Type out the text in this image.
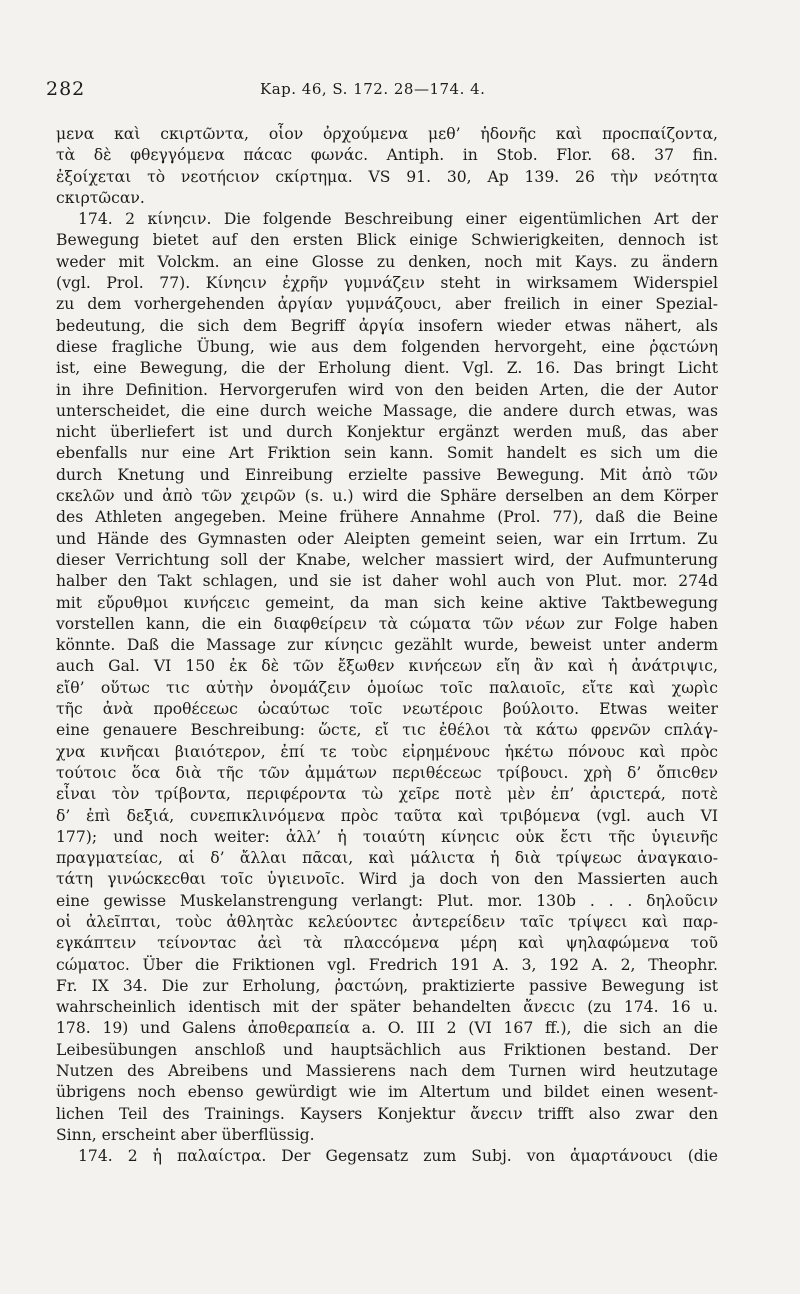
282	Kap. 46, S. 172. 28—174. 4.
μενα καὶ cκιρτῶντα, οἷον ὀρχούμενα μεθ’ ἡδονῆc καὶ προcπαίζοντα,
τὰ δὲ φθεγγόμενα πάcαc φωνάc. Antiph. in Stob. Flor. 68. 37 fin.
ἐξοίχεται τὸ νεοτήcιον cκίρτημα. VS 91. 30, Ap 139. 26 τὴν νεότητα
cκιρτῶcαν.
174. 2 κίνηcιν. Die folgende Beschreibung einer eigentümlichen Art der
Bewegung bietet auf den ersten Blick einige Schwierigkeiten, dennoch ist
weder mit Volckm. an eine Glosse zu denken, noch mit Kays. zu ändern
(vgl. Prol. 77). Κίνηcιν ἐχρῆν γυμνάζειν steht in wirksamem Widerspiel
zu dem vorhergehenden ἀργίαν γυμνάζουcι, aber freilich in einer Spezial-
bedeutung, die sich dem Begriff ἀργία insofern wieder etwas nähert, als
diese fragliche Übung, wie aus dem folgenden hervorgeht, eine ῥᾳcτώνη
ist, eine Bewegung, die der Erholung dient. Vgl. Z. 16. Das bringt Licht
in ihre Definition. Hervorgerufen wird von den beiden Arten, die der Autor
unterscheidet, die eine durch weiche Massage, die andere durch etwas, was
nicht überliefert ist und durch Konjektur ergänzt werden muß, das aber
ebenfalls nur eine Art Friktion sein kann. Somit handelt es sich um die
durch Knetung und Einreibung erzielte passive Bewegung. Mit ἀπὸ τῶν
cκελῶν und ἀπὸ τῶν χειρῶν (s. u.) wird die Sphäre derselben an dem Körper
des Athleten angegeben. Meine frühere Annahme (Prol. 77), daß die Beine
und Hände des Gymnasten oder Aleipten gemeint seien, war ein Irrtum. Zu
dieser Verrichtung soll der Knabe, welcher massiert wird, der Aufmunterung
halber den Takt schlagen, und sie ist daher wohl auch von Plut. mor. 274d
mit εὔρυθμοι κινήcειc gemeint, da man sich keine aktive Taktbewegung
vorstellen kann, die ein διαφθείρειν τὰ cώματα τῶν νέων zur Folge haben
könnte. Daß die Massage zur κίνηcιc gezählt wurde, beweist unter anderm
auch Gal. VI 150 ἐκ δὲ τῶν ἔξωθεν κινήcεων εἴη ἂν καὶ ἡ ἀνάτριψιc,
εἴθ’ οὕτωc τιc αὐτὴν ὀνομάζειν ὁμοίωc τοῖc παλαιοῖc, εἴτε καὶ χωρὶc
τῆc ἀνὰ προθέcεωc ὡcαύτωc τοῖc νεωτέροιc βούλοιτο. Etwas weiter
eine genauere Beschreibung: ὥcτε, εἴ τιc ἐθέλοι τὰ κάτω φρενῶν cπλάγ-
χνα κινῆcαι βιαιότερον, ἐπί τε τοὺc εἰρημένουc ἡκέτω πόνουc καὶ πρὸc
τούτοιc ὅcα διὰ τῆc τῶν ἀμμάτων περιθέcεωc τρίβουcι. χρὴ δ’ ὄπιcθεν
εἶναι τὸν τρίβοντα, περιφέροντα τὼ χεῖρε ποτὲ μὲν ἐπ’ ἀριcτερά, ποτὲ
δ’ ἐπὶ δεξιά, cυνεπικλινόμενα πρὸc ταῦτα καὶ τριβόμενα (vgl. auch VI
177); und noch weiter: ἀλλ’ ἡ τοιαύτη κίνηcιc οὐκ ἔcτι τῆc ὑγιεινῆc
πραγματείαc, αἱ δ’ ἄλλαι πᾶcαι, καὶ μάλιcτα ἡ διὰ τρίψεωc ἀναγκαιο-
τάτη γινώcκεcθαι τοῖc ὑγιεινοῖc. Wird ja doch von den Massierten auch
eine gewisse Muskelanstrengung verlangt: Plut. mor. 130b . . . δηλοῦcιν
οἱ ἀλεῖπται, τοὺc ἀθλητὰc κελεύοντεc ἀντερείδειν ταῖc τρίψεcι καὶ παρ-
εγκάπτειν τείνονταc ἀεὶ τὰ πλαccόμενα μέρη καὶ ψηλαφώμενα τοῦ
cώματοc. Über die Friktionen vgl. Fredrich 191 A. 3, 192 A. 2, Theophr.
Fr. IX 34. Die zur Erholung, ῥαcτώνη, praktizierte passive Bewegung ist
wahrscheinlich identisch mit der später behandelten ἄνεcιc (zu 174. 16 u.
178. 19) und Galens ἀποθεραπεία a. O. III 2 (VI 167 ff.), die sich an die
Leibesübungen anschloß und hauptsächlich aus Friktionen bestand. Der
Nutzen des Abreibens und Massierens nach dem Turnen wird heutzutage
übrigens noch ebenso gewürdigt wie im Altertum und bildet einen wesent-
lichen Teil des Trainings. Kaysers Konjektur ἄνεcιν trifft also zwar den
Sinn, erscheint aber überflüssig.
174. 2 ἡ παλαίcτρα. Der Gegensatz zum Subj. von ἁμαρτάνουcι (die
